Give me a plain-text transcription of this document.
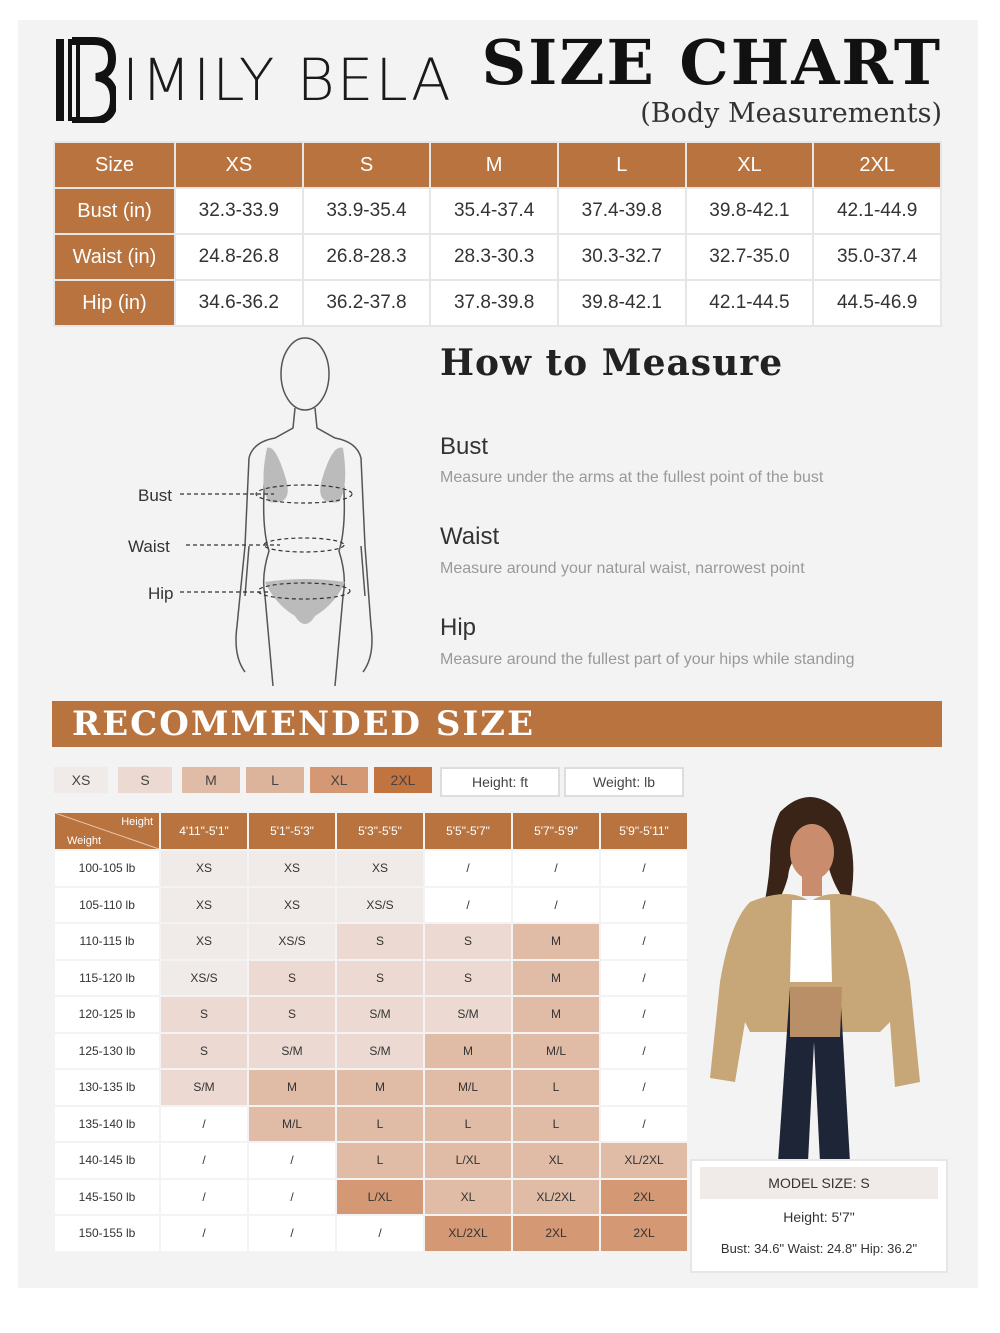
IMILY BELA SIZE CHART
(Body Measurements)
Size	XS	S	M	L	XL	2XL
Bust (in)	32.3-33.9	33.9-35.4	35.4-37.4	37.4-39.8	39.8-42.1	42.1-44.9
Waist (in)	24.8-26.8	26.8-28.3	28.3-30.3	30.3-32.7	32.7-35.0	35.0-37.4
Hip (in)	34.6-36.2	36.2-37.8	37.8-39.8	39.8-42.1	42.1-44.5	44.5-46.9
Bust
Waist
Hip
How to Measure
Bust
Measure under the arms at the fullest point of the bust
Waist
Measure around your natural waist, narrowest point
Hip
Measure around the fullest part of your hips while standing
RECOMMENDED SIZE
XS	S	M	L	XL	2XL	Height: ft	Weight: lb
Height
Weight	4'11"-5'1"	5'1"-5'3"	5'3"-5'5"	5'5"-5'7"	5'7"-5'9"	5'9"-5'11"
100-105 lb	XS	XS	XS	/	/	/
105-110 lb	XS	XS	XS/S	/	/	/
110-115 lb	XS	XS/S	S	S	M	/
115-120 lb	XS/S	S	S	S	M	/
120-125 lb	S	S	S/M	S/M	M	/
125-130 lb	S	S/M	S/M	M	M/L	/
130-135 lb	S/M	M	M	M/L	L	/
135-140 lb	/	M/L	L	L	L	/
140-145 lb	/	/	L	L/XL	XL	XL/2XL
145-150 lb	/	/	L/XL	XL	XL/2XL	2XL
150-155 lb	/	/	/	XL/2XL	2XL	2XL
MODEL SIZE: S
Height: 5'7"
Bust: 34.6" Waist: 24.8" Hip: 36.2"
